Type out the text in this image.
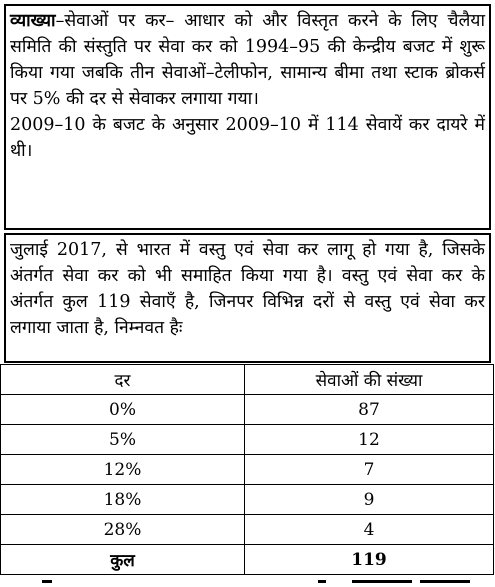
व्याख्या–सेवाओं पर कर– आधार को और विस्तृत करने के लिए चैलैया समिति की संस्तुति पर सेवा कर को 1994–95 की केन्द्रीय बजट में शुरू किया गया जबकि तीन सेवाओं–टेलीफोन, सामान्य बीमा तथा स्टाक ब्रोकर्स पर 5% की दर से सेवाकर लगाया गया।

2009–10 के बजट के अनुसार 2009–10 में 114 सेवायें कर दायरे में थी।

जुलाई 2017, से भारत में वस्तु एवं सेवा कर लागू हो गया है, जिसके अंतर्गत सेवा कर को भी समाहित किया गया है। वस्तु एवं सेवा कर के अंतर्गत कुल 119 सेवाएँ है, जिनपर विभिन्न दरों से वस्तु एवं सेवा कर लगाया जाता है, निम्नवत हैः

दर	सेवाओं की संख्या
0%	87
5%	12
12%	7
18%	9
28%	4
कुल	119
